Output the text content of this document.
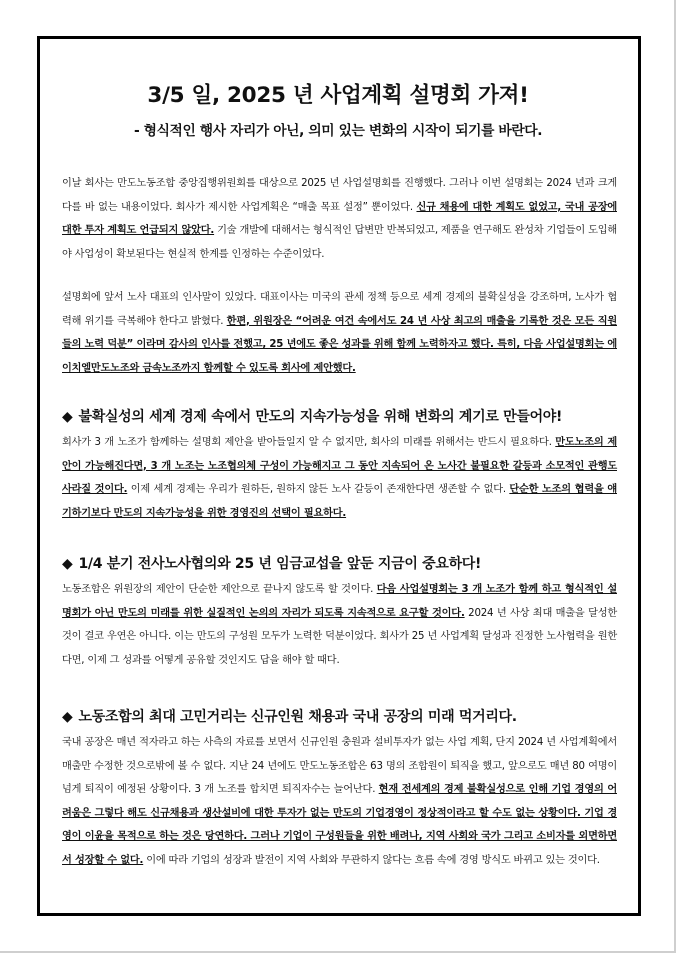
3/5 일, 2025 년 사업계획 설명회 가져!

- 형식적인 행사 자리가 아닌, 의미 있는 변화의 시작이 되기를 바란다.

이날 회사는 만도노동조합 중앙집행위원회를 대상으로 2025 년 사업설명회를 진행했다. 그러나 이번 설명회는 2024 년과 크게 다를 바 없는 내용이었다. 회사가 제시한 사업계획은 “매출 목표 설정” 뿐이었다. 신규 채용에 대한 계획도 없었고, 국내 공장에 대한 투자 계획도 언급되지 않았다. 기술 개발에 대해서는 형식적인 답변만 반복되었고, 제품을 연구해도 완성차 기업들이 도입해야 사업성이 확보된다는 현실적 한계를 인정하는 수준이었다.

설명회에 앞서 노사 대표의 인사말이 있었다. 대표이사는 미국의 관세 정책 등으로 세계 경제의 불확실성을 강조하며, 노사가 협력해 위기를 극복해야 한다고 밝혔다. 한편, 위원장은 “어려운 여건 속에서도 24 년 사상 최고의 매출을 기록한 것은 모든 직원들의 노력 덕분” 이라며 감사의 인사를 전했고, 25 년에도 좋은 성과를 위해 함께 노력하자고 했다. 특히, 다음 사업설명회는 에이치엘만도노조와 금속노조까지 함께할 수 있도록 회사에 제안했다.

◆ 불확실성의 세계 경제 속에서 만도의 지속가능성을 위해 변화의 계기로 만들어야!

회사가 3 개 노조가 함께하는 설명회 제안을 받아들일지 알 수 없지만, 회사의 미래를 위해서는 반드시 필요하다. 만도노조의 제안이 가능해진다면, 3 개 노조는 노조협의체 구성이 가능해지고 그 동안 지속되어 온 노사간 불필요한 갈등과 소모적인 관행도 사라질 것이다. 이제 세계 경제는 우리가 원하든, 원하지 않든 노사 갈등이 존재한다면 생존할 수 없다. 단순한 노조의 협력을 얘기하기보다 만도의 지속가능성을 위한 경영진의 선택이 필요하다.

◆ 1/4 분기 전사노사협의와 25 년 임금교섭을 앞둔 지금이 중요하다!

노동조합은 위원장의 제안이 단순한 제안으로 끝나지 않도록 할 것이다. 다음 사업설명회는 3 개 노조가 함께 하고 형식적인 설명회가 아닌 만도의 미래를 위한 실질적인 논의의 자리가 되도록 지속적으로 요구할 것이다. 2024 년 사상 최대 매출을 달성한 것이 결코 우연은 아니다. 이는 만도의 구성원 모두가 노력한 덕분이었다. 회사가 25 년 사업계획 달성과 진정한 노사협력을 원한다면, 이제 그 성과를 어떻게 공유할 것인지도 답을 해야 할 때다.

◆ 노동조합의 최대 고민거리는 신규인원 채용과 국내 공장의 미래 먹거리다.

국내 공장은 매년 적자라고 하는 사측의 자료를 보면서 신규인원 충원과 설비투자가 없는 사업 계획, 단지 2024 년 사업계획에서 매출만 수정한 것으로밖에 볼 수 없다. 지난 24 년에도 만도노동조합은 63 명의 조합원이 퇴직을 했고, 앞으로도 매년 80 여명이 넘게 퇴직이 예정된 상황이다. 3 개 노조를 합치면 퇴직자수는 늘어난다. 현재 전세계의 경제 불확실성으로 인해 기업 경영의 어려움은 그렇다 해도 신규채용과 생산설비에 대한 투자가 없는 만도의 기업경영이 정상적이라고 할 수도 없는 상황이다. 기업 경영이 이윤을 목적으로 하는 것은 당연하다. 그러나 기업이 구성원들을 위한 배려나, 지역 사회와 국가 그리고 소비자를 외면하면서 성장할 수 없다. 이에 따라 기업의 성장과 발전이 지역 사회와 무관하지 않다는 흐름 속에 경영 방식도 바뀌고 있는 것이다.
